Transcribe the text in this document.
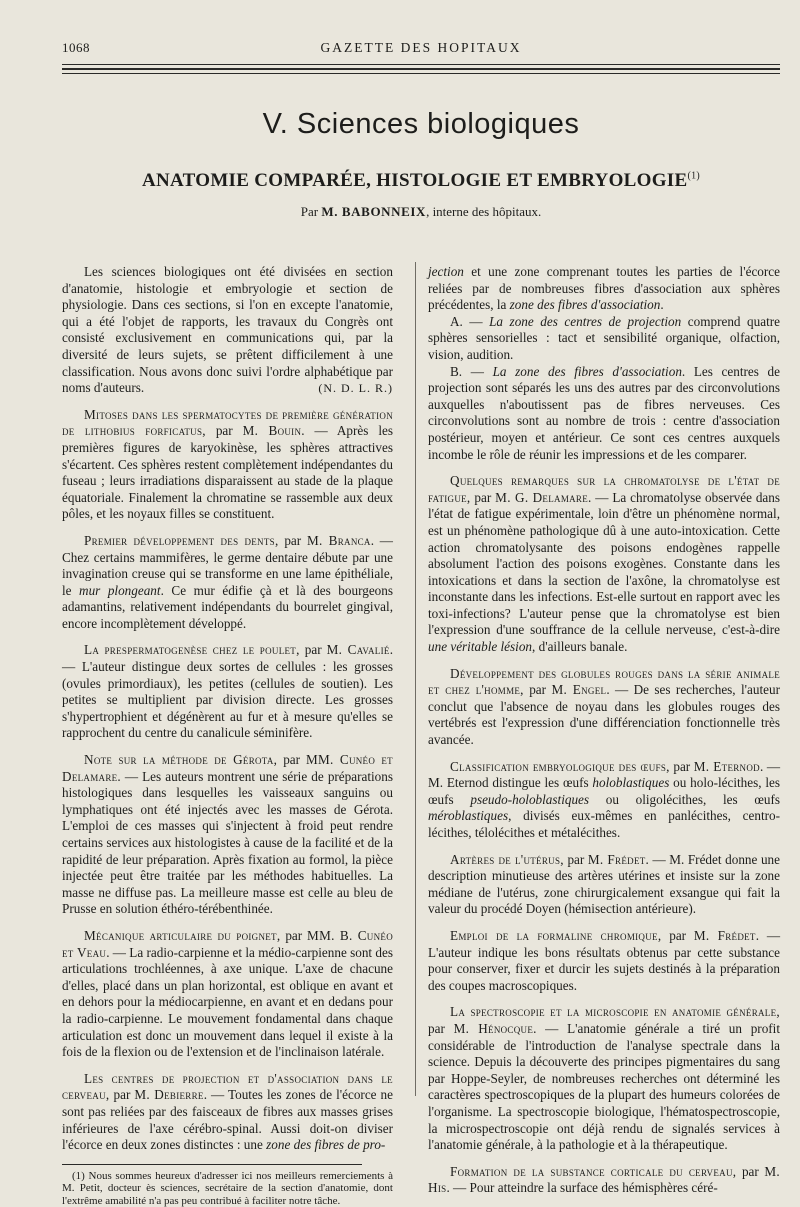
1068	GAZETTE DES HOPITAUX
V. Sciences biologiques
ANATOMIE COMPARÉE, HISTOLOGIE ET EMBRYOLOGIE$^{(1)}$
Par M. BABONNEIX, interne des hôpitaux.

Les sciences biologiques ont été divisées en section d'anatomie, histologie et embryologie et section de physiologie. Dans ces sections, si l'on en excepte l'anatomie, qui a été l'objet de rapports, les travaux du Congrès ont consisté exclusivement en communications qui, par la diversité de leurs sujets, se prêtent difficilement à une classification. Nous avons donc suivi l'ordre alphabétique par noms d'auteurs.	(N. D. L. R.)

Mitoses dans les spermatocytes de première génération de lithobius forficatus, par M. Bouin. — Après les premières figures de karyokinèse, les sphères attractives s'écartent. Ces sphères restent complètement indépendantes du fuseau ; leurs irradiations disparaissent au stade de la plaque équatoriale. Finalement la chromatine se rassemble aux deux pôles, et les noyaux filles se constituent.

Premier développement des dents, par M. Branca. — Chez certains mammifères, le germe dentaire débute par une invagination creuse qui se transforme en une lame épithéliale, le mur plongeant. Ce mur édifie çà et là des bourgeons adamantins, relativement indépendants du bourrelet gingival, encore incomplètement développé.

La prespermatogenèse chez le poulet, par M. Cavalié. — L'auteur distingue deux sortes de cellules : les grosses (ovules primordiaux), les petites (cellules de soutien). Les petites se multiplient par division directe. Les grosses s'hypertrophient et dégénèrent au fur et à mesure qu'elles se rapprochent du centre du canalicule séminifère.

Note sur la méthode de Gérota, par MM. Cunéo et Delamare. — Les auteurs montrent une série de préparations histologiques dans lesquelles les vaisseaux sanguins ou lymphatiques ont été injectés avec les masses de Gérota. L'emploi de ces masses qui s'injectent à froid peut rendre certains services aux histologistes à cause de la facilité et de la rapidité de leur préparation. Après fixation au formol, la pièce injectée peut être traitée par les méthodes habituelles. La masse ne diffuse pas. La meilleure masse est celle au bleu de Prusse en solution éthéro-térébenthinée.

Mécanique articulaire du poignet, par MM. B. Cunéo et Veau. — La radio-carpienne et la médio-carpienne sont des articulations trochléennes, à axe unique. L'axe de chacune d'elles, placé dans un plan horizontal, est oblique en avant et en dehors pour la médiocarpienne, en avant et en dedans pour la radio-carpienne. Le mouvement fondamental dans chaque articulation est donc un mouvement dans lequel il existe à la fois de la flexion ou de l'extension et de l'inclinaison latérale.

Les centres de projection et d'association dans le cerveau, par M. Debierre. — Toutes les zones de l'écorce ne sont pas reliées par des faisceaux de fibres aux masses grises inférieures de l'axe cérébro-spinal. Aussi doit-on diviser l'écorce en deux zones distinctes : une zone des fibres de pro-

(1) Nous sommes heureux d'adresser ici nos meilleurs remerciements à M. Petit, docteur ès sciences, secrétaire de la section d'anatomie, dont l'extrême amabilité n'a pas peu contribué à faciliter notre tâche.

jection et une zone comprenant toutes les parties de l'écorce reliées par de nombreuses fibres d'association aux sphères précédentes, la zone des fibres d'association.

A. — La zone des centres de projection comprend quatre sphères sensorielles : tact et sensibilité organique, olfaction, vision, audition.

B. — La zone des fibres d'association. Les centres de projection sont séparés les uns des autres par des circonvolutions auxquelles n'aboutissent pas de fibres nerveuses. Ces circonvolutions sont au nombre de trois : centre d'association postérieur, moyen et antérieur. Ce sont ces centres auxquels incombe le rôle de réunir les impressions et de les comparer.

Quelques remarques sur la chromatolyse de l'état de fatigue, par M. G. Delamare. — La chromatolyse observée dans l'état de fatigue expérimentale, loin d'être un phénomène normal, est un phénomène pathologique dû à une auto-intoxication. Cette action chromatolysante des poisons endogènes rappelle absolument l'action des poisons exogènes. Constante dans les intoxications et dans la section de l'axône, la chromatolyse est inconstante dans les infections. Est-elle surtout en rapport avec les toxi-infections? L'auteur pense que la chromatolyse est bien l'expression d'une souffrance de la cellule nerveuse, c'est-à-dire une véritable lésion, d'ailleurs banale.

Développement des globules rouges dans la série animale et chez l'homme, par M. Engel. — De ses recherches, l'auteur conclut que l'absence de noyau dans les globules rouges des vertébrés est l'expression d'une différenciation fonctionnelle très avancée.

Classification embryologique des œufs, par M. Eternod. — M. Eternod distingue les œufs holoblastiques ou holo-lécithes, les œufs pseudo-holoblastiques ou oligolécithes, les œufs méroblastiques, divisés eux-mêmes en panlécithes, centro-lécithes, télolécithes et métalécithes.

Artères de l'utérus, par M. Frédet. — M. Frédet donne une description minutieuse des artères utérines et insiste sur la zone médiane de l'utérus, zone chirurgicalement exsangue qui fait la valeur du procédé Doyen (hémisection antérieure).

Emploi de la formaline chromique, par M. Frédet. — L'auteur indique les bons résultats obtenus par cette substance pour conserver, fixer et durcir les sujets destinés à la préparation des coupes macroscopiques.

La spectroscopie et la microscopie en anatomie générale, par M. Hénocque. — L'anatomie générale a tiré un profit considérable de l'introduction de l'analyse spectrale dans la science. Depuis la découverte des principes pigmentaires du sang par Hoppe-Seyler, de nombreuses recherches ont déterminé les caractères spectroscopiques de la plupart des humeurs colorées de l'organisme. La spectroscopie biologique, l'hématospectroscopie, la microspectroscopie ont déjà rendu de signalés services à l'anatomie générale, à la pathologie et à la thérapeutique.

Formation de la substance corticale du cerveau, par M. His. — Pour atteindre la surface des hémisphères céré-
